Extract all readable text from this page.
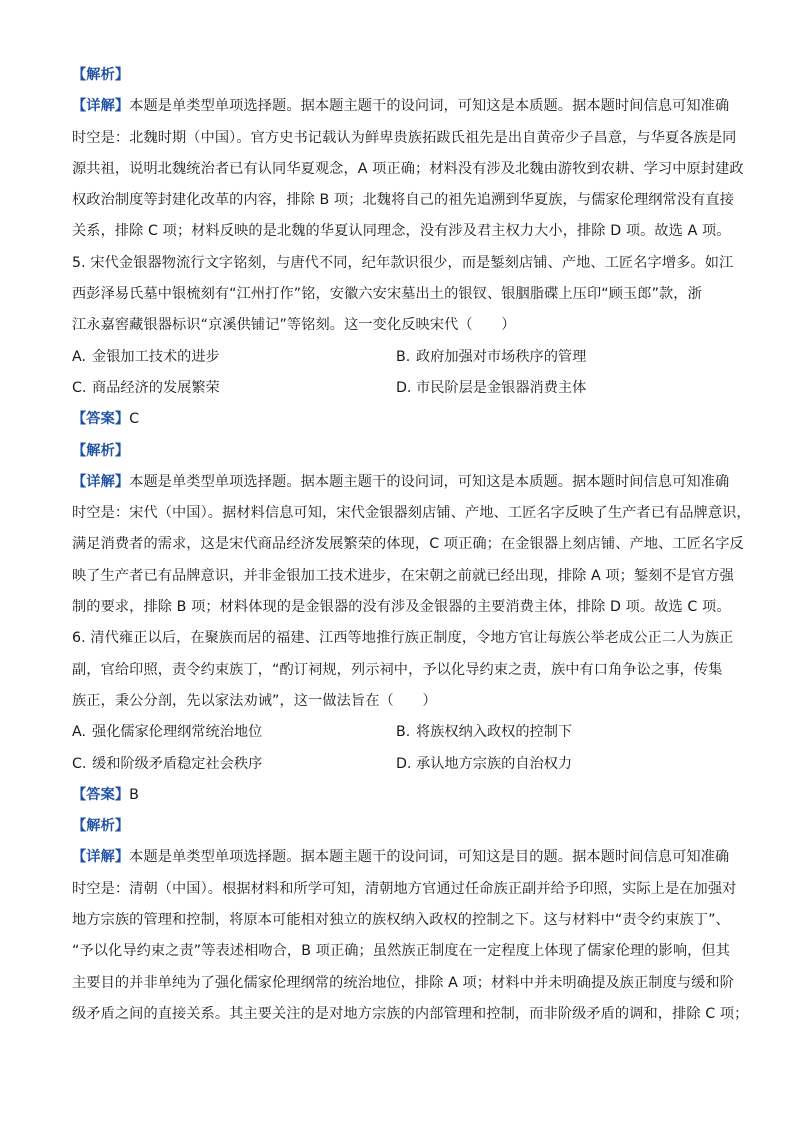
【解析】
【详解】本题是单类型单项选择题。据本题主题干的设问词，可知这是本质题。据本题时间信息可知准确
时空是：北魏时期（中国）。官方史书记载认为鲜卑贵族拓跋氏祖先是出自黄帝少子昌意，与华夏各族是同
源共祖，说明北魏统治者已有认同华夏观念，A 项正确；材料没有涉及北魏由游牧到农耕、学习中原封建政
权政治制度等封建化改革的内容，排除 B 项；北魏将自己的祖先追溯到华夏族，与儒家伦理纲常没有直接
关系，排除 C 项；材料反映的是北魏的华夏认同理念，没有涉及君主权力大小，排除 D 项。故选 A 项。
5. 宋代金银器物流行文字铭刻，与唐代不同，纪年款识很少，而是錾刻店铺、产地、工匠名字增多。如江
西彭泽易氏墓中银梳刻有“江州打作”铭，安徽六安宋墓出土的银钗、银胭脂碟上压印“顾玉郎”款，浙
江永嘉窖藏银器标识“京溪供铺记”等铭刻。这一变化反映宋代（　　）
A. 金银加工技术的进步	B. 政府加强对市场秩序的管理
C. 商品经济的发展繁荣	D. 市民阶层是金银器消费主体
【答案】C
【解析】
【详解】本题是单类型单项选择题。据本题主题干的设问词，可知这是本质题。据本题时间信息可知准确
时空是：宋代（中国）。据材料信息可知，宋代金银器刻店铺、产地、工匠名字反映了生产者已有品牌意识，
满足消费者的需求，这是宋代商品经济发展繁荣的体现，C 项正确；在金银器上刻店铺、产地、工匠名字反
映了生产者已有品牌意识，并非金银加工技术进步，在宋朝之前就已经出现，排除 A 项；錾刻不是官方强
制的要求，排除 B 项；材料体现的是金银器的没有涉及金银器的主要消费主体，排除 D 项。故选 C 项。
6. 清代雍正以后，在聚族而居的福建、江西等地推行族正制度，令地方官让每族公举老成公正二人为族正
副，官给印照，责令约束族丁，“酌订祠规，列示祠中，予以化导约束之责，族中有口角争讼之事，传集
族正，秉公分剖，先以家法劝诫”，这一做法旨在（　　）
A. 强化儒家伦理纲常统治地位	B. 将族权纳入政权的控制下
C. 缓和阶级矛盾稳定社会秩序	D. 承认地方宗族的自治权力
【答案】B
【解析】
【详解】本题是单类型单项选择题。据本题主题干的设问词，可知这是目的题。据本题时间信息可知准确
时空是：清朝（中国）。根据材料和所学可知，清朝地方官通过任命族正副并给予印照，实际上是在加强对
地方宗族的管理和控制，将原本可能相对独立的族权纳入政权的控制之下。这与材料中“责令约束族丁”、
“予以化导约束之责”等表述相吻合，B 项正确；虽然族正制度在一定程度上体现了儒家伦理的影响，但其
主要目的并非单纯为了强化儒家伦理纲常的统治地位，排除 A 项；材料中并未明确提及族正制度与缓和阶
级矛盾之间的直接关系。其主要关注的是对地方宗族的内部管理和控制，而非阶级矛盾的调和，排除 C 项；
